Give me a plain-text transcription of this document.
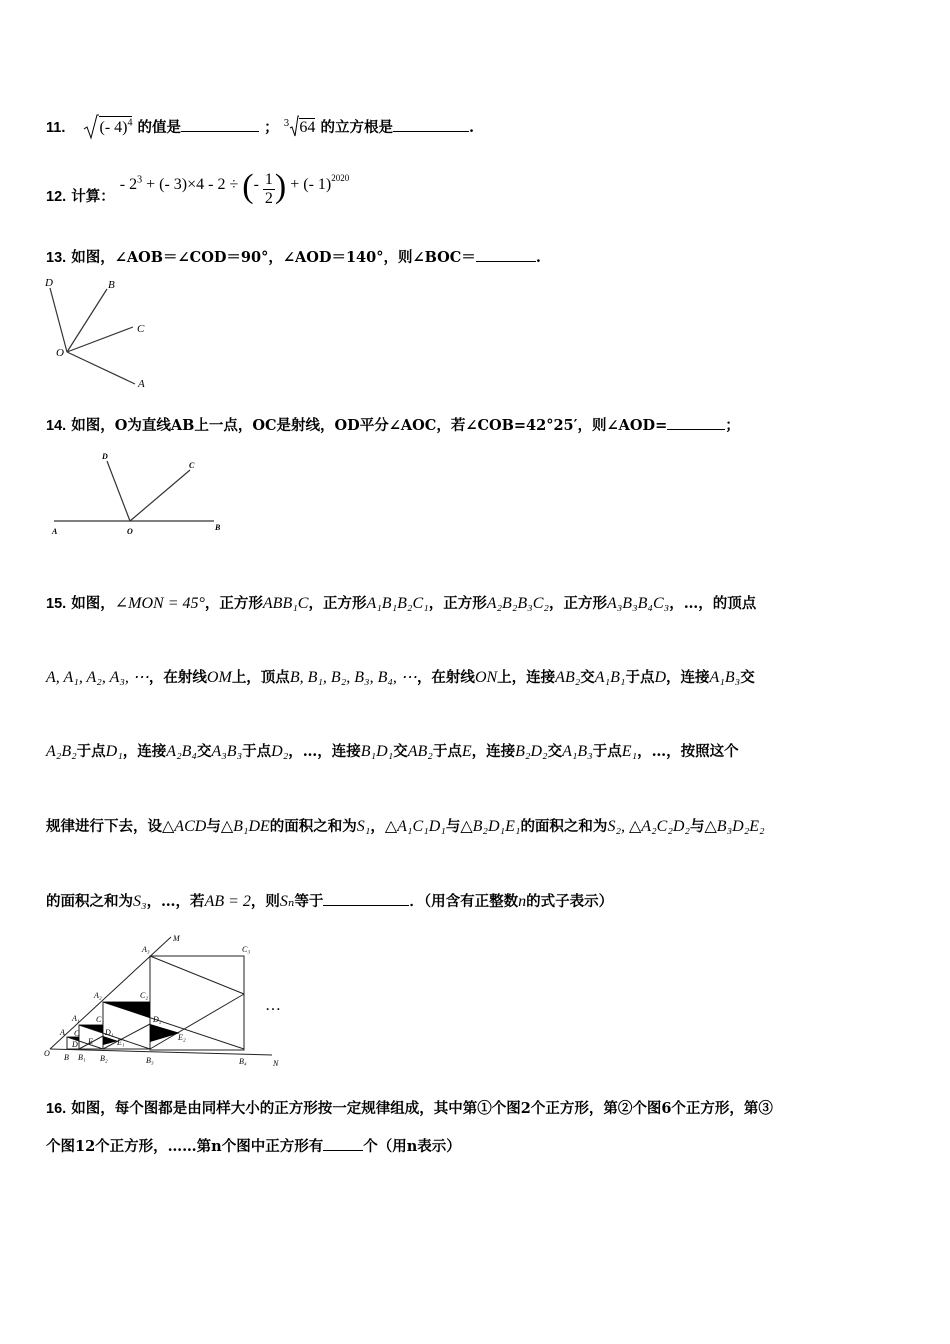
11. (- 4)$^4$ 的值是	； $^3$ 64 的立方根是	.
12. 计算： - $2^3$ + (- 3)×4 - 2 ÷ (- $\frac{1}{2}$ ) + (- 1)$^{2020}$
13. 如图，∠AOB＝∠COD＝90°，∠AOD＝140°，则∠BOC＝	.
D	B
C
O
A
14. 如图，O为直线AB上一点，OC是射线，OD平分∠AOC，若∠COB=42°25′，则∠AOD=	；
D
C
A	O	B
15. 如图，∠MON = 45°，正方形ABB₁C，正方形A₁B₁B₂C₁，正方形A₂B₂B₃C₂，正方形A₃B₃B₄C₃，…，的顶点
A, A₁, A₂, A₃, ⋯，在射线OM上，顶点B, B₁, B₂, B₃, B₄, ⋯，在射线ON上，连接AB₂交A₁B₁于点D，连接A₁B₃交
A₂B₂于点D₁，连接A₂B₄交A₃B₃于点D₂，…，连接B₁D₁交AB₂于点E，连接B₂D₂交A₁B₃于点E₁，…，按照这个
规律进行下去，设△ACD与△B₁DE的面积之和为S₁，△A₁C₁D₁与△B₂D₁E₁的面积之和为S₂, △A₂C₂D₂与△B₃D₂E₂
的面积之和为S₃，…，若AB = 2，则Sₙ等于	．（用含有正整数n的式子表示）
A₃
M
C₃
A₂	C₂
D₂
A₁ C₁
A C	D₁
E₂
D E	E₁
O B B₁ B₂	B₃	B₄	N
…
16. 如图，每个图都是由同样大小的正方形按一定规律组成，其中第①个图2个正方形，第②个图6个正方形，第③
个图12个正方形，……第n个图中正方形有	个（用n表示）
